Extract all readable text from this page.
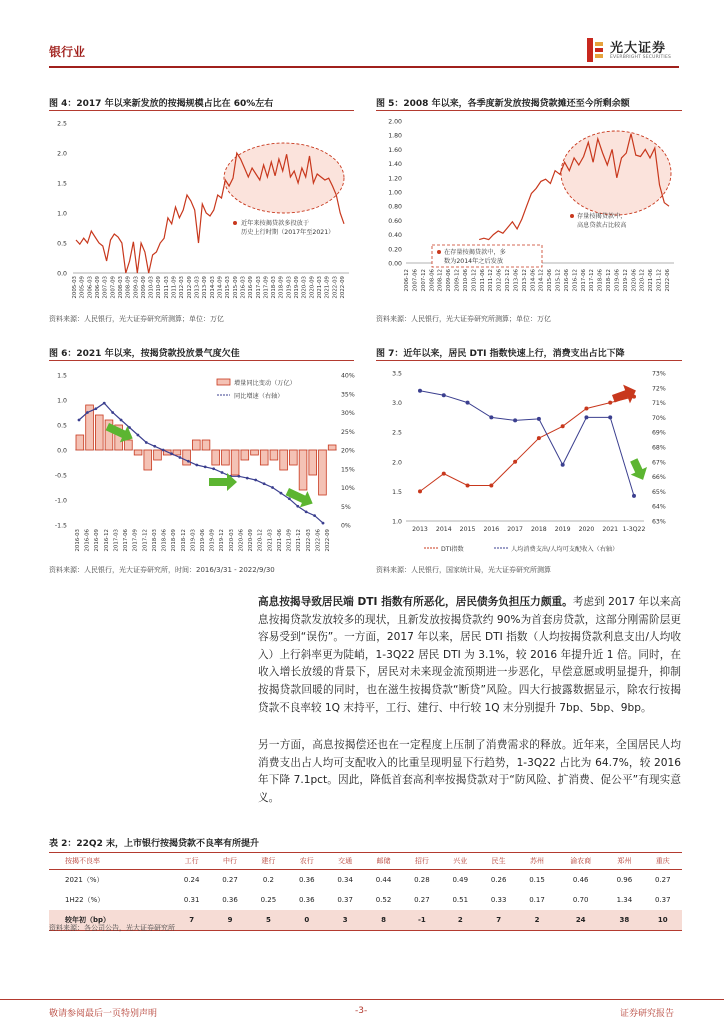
银行业	光大证券
EVERBRIGHT SECURITIES
图 4：2017 年以来新发放的按揭规模占比在 60%左右
2.5
2.0
1.5
1.0
0.5
0.0
2005-03 2005-09 2006-03 2006-09 2007-03 2007-09 2008-03 2008-09 2009-03 2009-09 2010-03 2010-09 2011-03 2011-09 2012-03 2012-09 2013-03 2013-09 2014-03 2014-09 2015-03 2015-09 2016-03 2016-09 2017-03 2017-09 2018-03 2018-09 2019-03 2019-09 2020-03 2020-09 2021-03 2021-09 2022-03 2022-09
近年来按揭贷款多投放于历史上行时期（2017年至2021）
资料来源：人民银行，光大证券研究所测算；单位：万亿
图 5：2008 年以来，各季度新发放按揭贷款摊还至今所剩余额
2.00
1.80
1.60
1.40
1.20
1.00
0.80
0.60
0.40
0.20
0.00
2006-12 2007-06 2007-12 2008-06 2008-12 2009-06 2009-12 2010-06 2010-12 2011-06 2011-12 2012-06 2012-12 2013-06 2013-12 2014-06 2014-12 2015-06 2015-12 2016-06 2016-12 2017-06 2017-12 2018-06 2018-12 2019-06 2019-12 2020-06 2020-12 2021-06 2021-12 2022-06
存量按揭贷款中，高息贷款占比较高
在存量按揭贷款中，多数为2014年之后发放
资料来源：人民银行，光大证券研究所测算；单位：万亿
图 6：2021 年以来，按揭贷款投放景气度欠佳
1.5
1.0
0.5
0.0
-0.5
-1.0
-1.5
40%
35%
30%
25%
20%
15%
10%
5%
0%
2016-03 2016-06 2016-09 2016-12 2017-03 2017-06 2017-09 2017-12 2018-03 2018-06 2018-09 2018-12 2019-03 2019-06 2019-09 2019-12 2020-03 2020-06 2020-09 2020-12 2021-03 2021-06 2021-09 2021-12 2022-03 2022-06 2022-09
增量同比变动（万亿）
同比增速（右轴）
资料来源：人民银行，光大证券研究所，时间：2016/3/31 - 2022/9/30
图 7：近年以来，居民 DTI 指数快速上行，消费支出占比下降
3.5
3.0
2.5
2.0
1.5
1.0
73%
72%
71%
70%
69%
68%
67%
66%
65%
64%
63%
2013 2014 2015 2016 2017 2018 2019 2020 2021 1-3Q22
DTI指数	人均消费支出/人均可支配收入（右轴）
资料来源：人民银行，国家统计局，光大证券研究所测算
高息按揭导致居民端 DTI 指数有所恶化，居民债务负担压力颇重。考虑到 2017 年以来高息按揭贷款发放较多的现状，且新发放按揭贷款约 90%为首套房贷款，这部分刚需阶层更容易受到“误伤”。一方面，2017 年以来，居民 DTI 指数（人均按揭贷款利息支出/人均收入）上行斜率更为陡峭，1-3Q22 居民 DTI 为 3.1%，较 2016 年提升近 1 倍。同时，在收入增长放缓的背景下，居民对未来现金流预期进一步恶化，早偿意愿或明显提升，抑制按揭贷款回暖的同时，也在滋生按揭贷款“断贷”风险。四大行披露数据显示，除农行按揭贷款不良率较 1Q 末持平，工行、建行、中行较 1Q 末分别提升 7bp、5bp、9bp。
另一方面，高息按揭偿还也在一定程度上压制了消费需求的释放。近年来，全国居民人均消费支出占人均可支配收入的比重呈现明显下行趋势，1-3Q22 占比为 64.7%，较 2016 年下降 7.1pct。因此，降低首套高利率按揭贷款对于“防风险、扩消费、促公平”有现实意义。
表 2：22Q2 末，上市银行按揭贷款不良率有所提升
按揭不良率	工行	中行	建行	农行	交通	邮储	招行	兴业	民生	苏州	渝农商	郑州	重庆
2021（%）	0.24	0.27	0.2	0.36	0.34	0.44	0.28	0.49	0.26	0.15	0.46	0.96	0.27
1H22（%）	0.31	0.36	0.25	0.36	0.37	0.52	0.27	0.51	0.33	0.17	0.70	1.34	0.37
较年初（bp）	7	9	5	0	3	8	-1	2	7	2	24	38	10
资料来源：各公司公告，光大证券研究所
敬请参阅最后一页特别声明	-3-	证券研究报告
